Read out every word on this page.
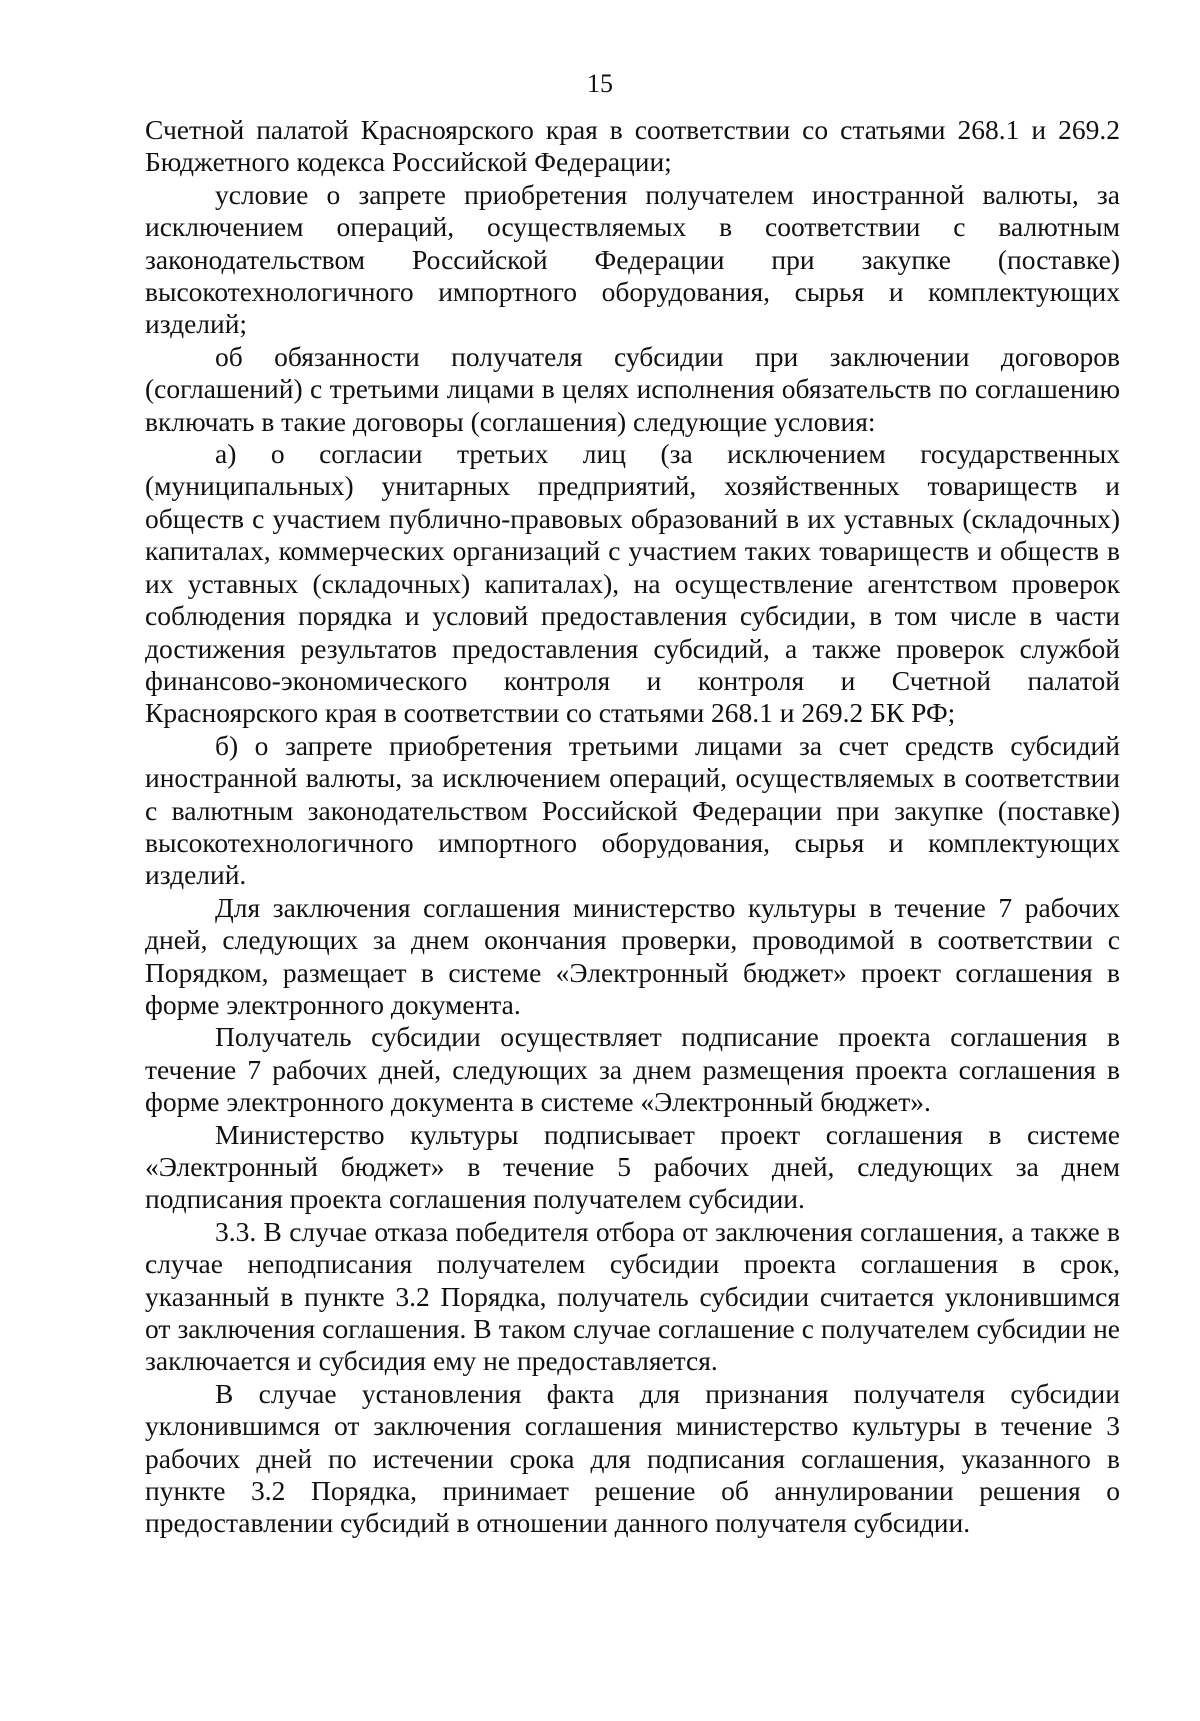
15

Счетной палатой Красноярского края в соответствии со статьями 268.1 и 269.2 Бюджетного кодекса Российской Федерации;

условие о запрете приобретения получателем иностранной валюты, за исключением операций, осуществляемых в соответствии с валютным законодательством Российской Федерации при закупке (поставке) высокотехнологичного импортного оборудования, сырья и комплектующих изделий;

об обязанности получателя субсидии при заключении договоров (соглашений) с третьими лицами в целях исполнения обязательств по соглашению включать в такие договоры (соглашения) следующие условия:

а) о согласии третьих лиц (за исключением государственных (муниципальных) унитарных предприятий, хозяйственных товариществ и обществ с участием публично-правовых образований в их уставных (складочных) капиталах, коммерческих организаций с участием таких товариществ и обществ в их уставных (складочных) капиталах), на осуществление агентством проверок соблюдения порядка и условий предоставления субсидии, в том числе в части достижения результатов предоставления субсидий, а также проверок службой финансово-экономического контроля и контроля и Счетной палатой Красноярского края в соответствии со статьями 268.1 и 269.2 БК РФ;

б) о запрете приобретения третьими лицами за счет средств субсидий иностранной валюты, за исключением операций, осуществляемых в соответствии с валютным законодательством Российской Федерации при закупке (поставке) высокотехнологичного импортного оборудования, сырья и комплектующих изделий.

Для заключения соглашения министерство культуры в течение 7 рабочих дней, следующих за днем окончания проверки, проводимой в соответствии с Порядком, размещает в системе «Электронный бюджет» проект соглашения в форме электронного документа.

Получатель субсидии осуществляет подписание проекта соглашения в течение 7 рабочих дней, следующих за днем размещения проекта соглашения в форме электронного документа в системе «Электронный бюджет».

Министерство культуры подписывает проект соглашения в системе «Электронный бюджет» в течение 5 рабочих дней, следующих за днем подписания проекта соглашения получателем субсидии.

3.3. В случае отказа победителя отбора от заключения соглашения, а также в случае неподписания получателем субсидии проекта соглашения в срок, указанный в пункте 3.2 Порядка, получатель субсидии считается уклонившимся от заключения соглашения. В таком случае соглашение с получателем субсидии не заключается и субсидия ему не предоставляется.

В случае установления факта для признания получателя субсидии уклонившимся от заключения соглашения министерство культуры в течение 3 рабочих дней по истечении срока для подписания соглашения, указанного в пункте 3.2 Порядка, принимает решение об аннулировании решения о предоставлении субсидий в отношении данного получателя субсидии.
